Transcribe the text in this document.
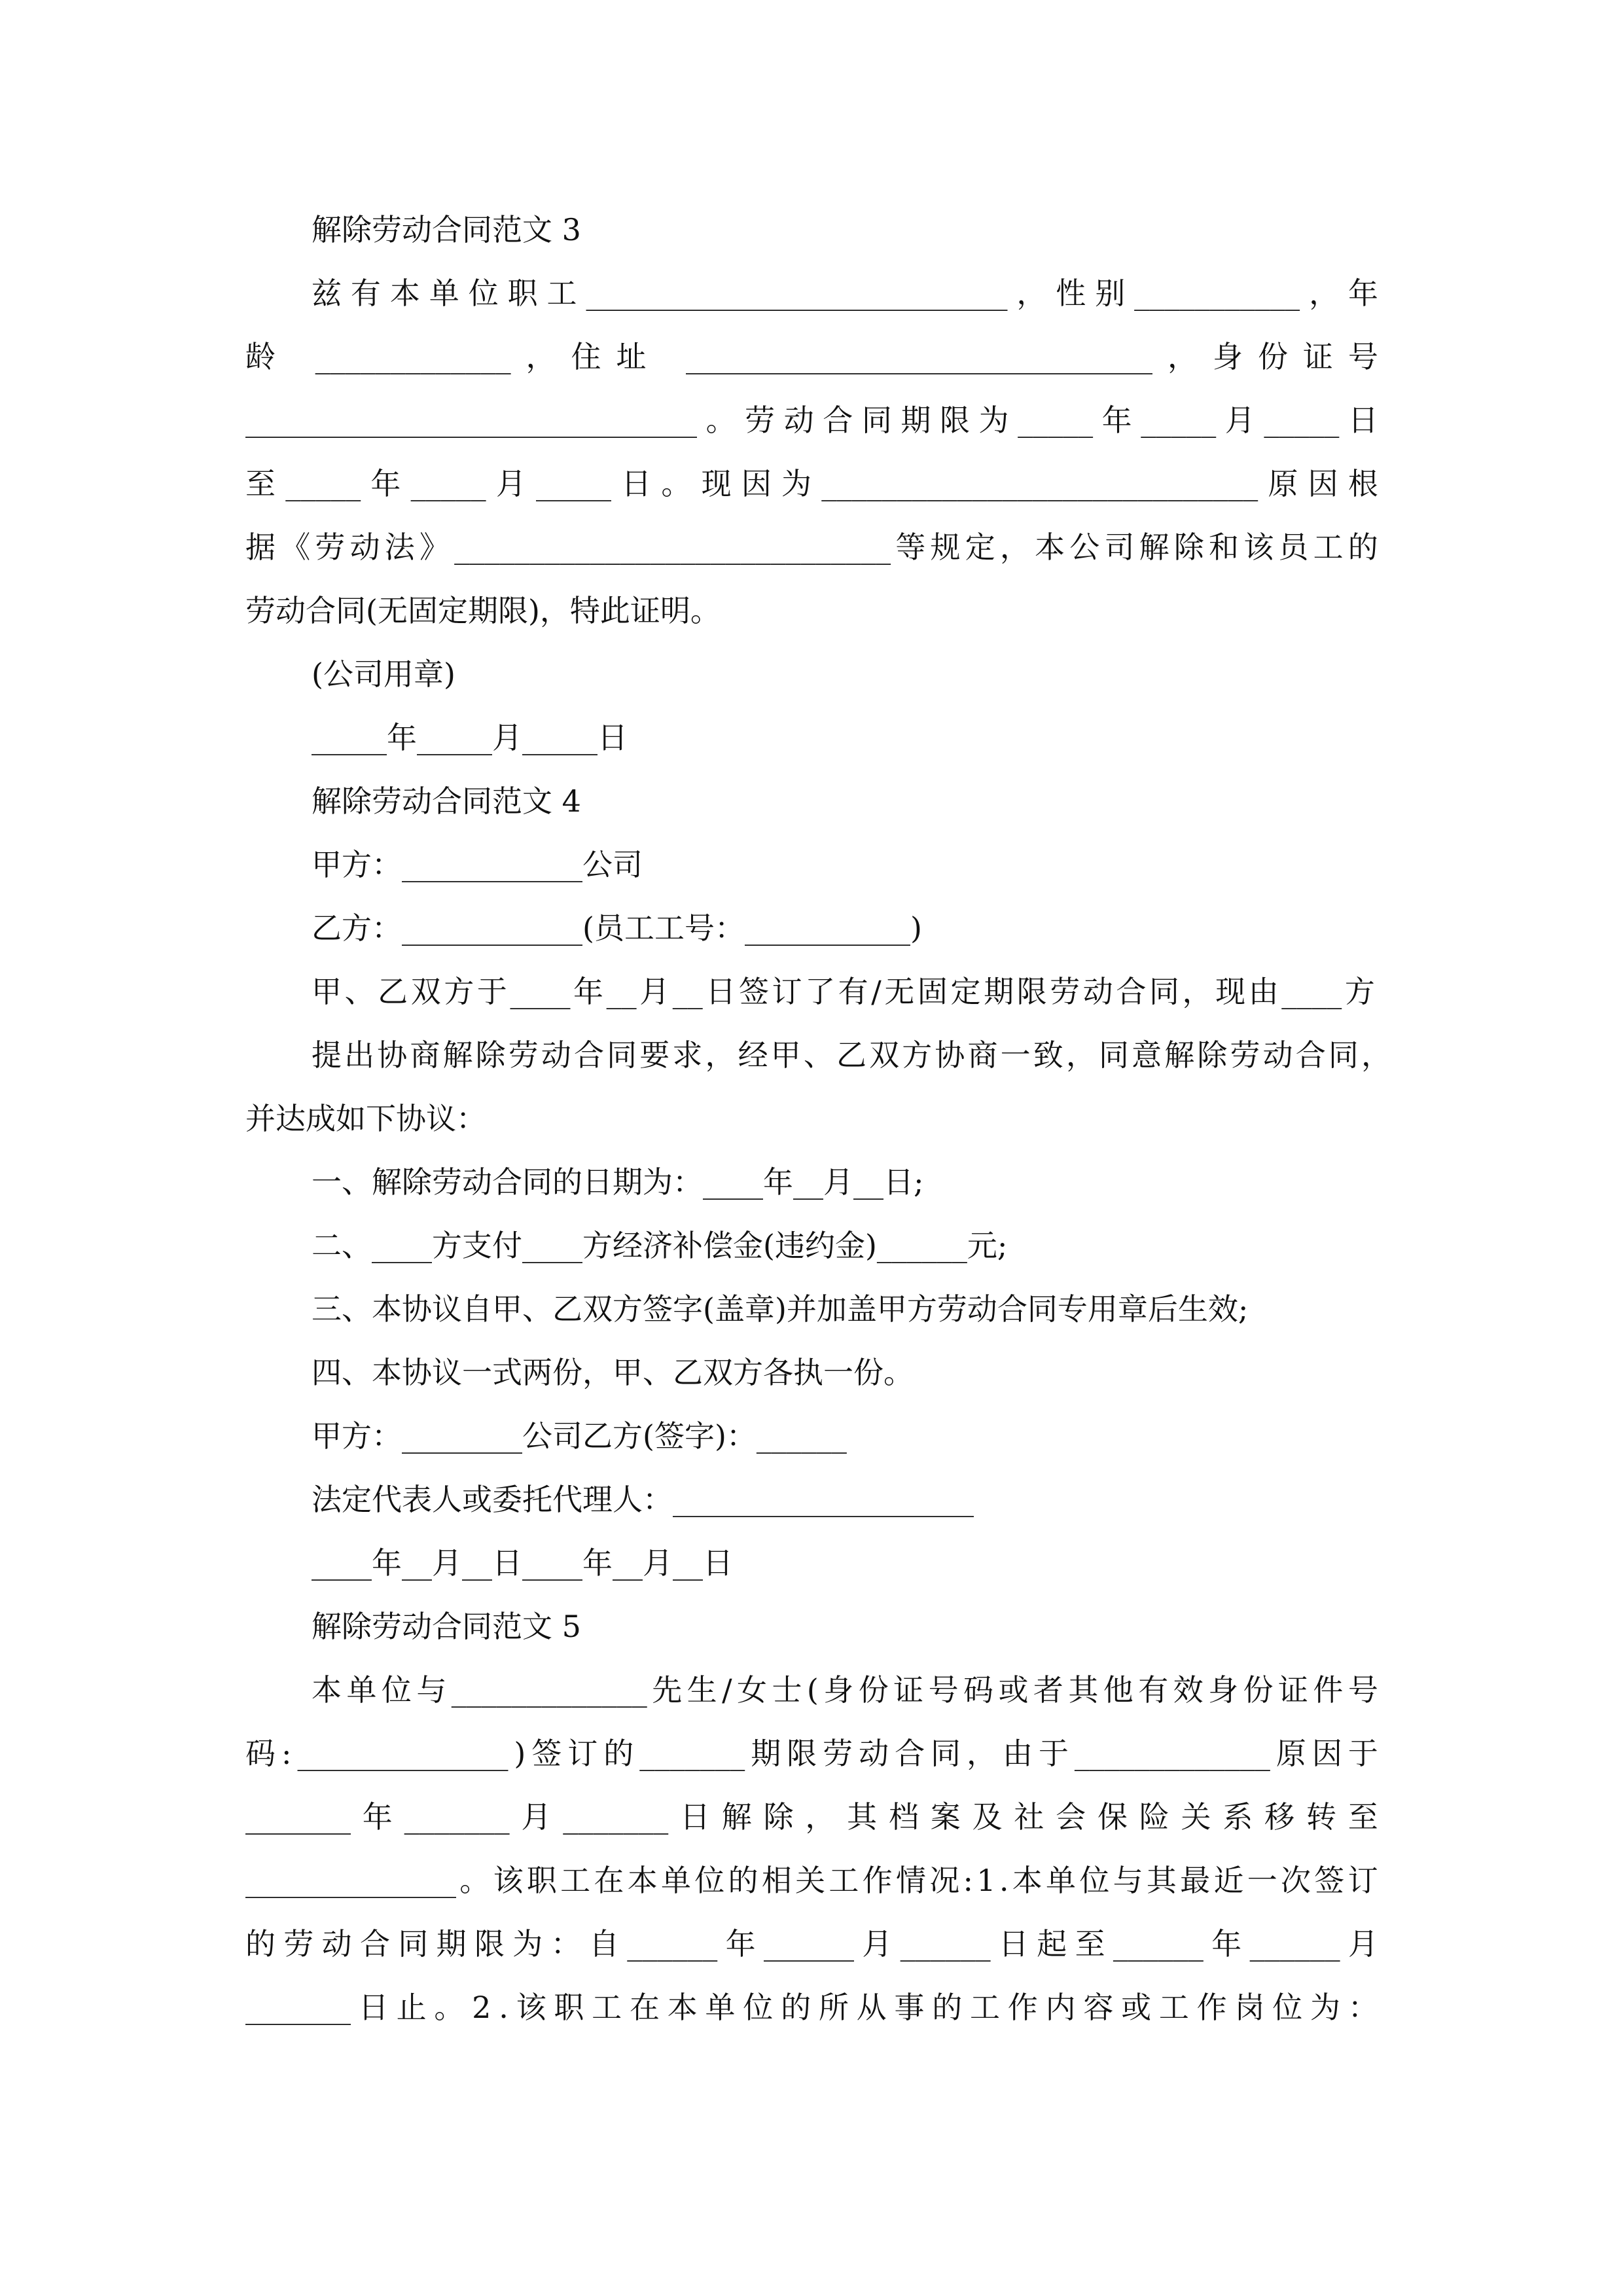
解除劳动合同范文 3
兹 有 本 单 位 职 工 ____________________________ ， 性 别 ___________ ， 年
龄
_____________ ， 住 址
_______________________________ ， 身 份 证 号
______________________________ 。 劳 动 合 同 期 限 为 _____ 年 _____ 月 _____ 日
至 _____ 年 _____ 月 _____ 日 。 现 因 为 _____________________________ 原 因 根
据 《 劳 动 法 》 _____________________________ 等 规 定 ， 本 公 司 解 除 和 该 员 工 的
劳动合同(无固定期限)，特此证明。
(公司用章)
_____年_____月_____日
解除劳动合同范文 4
甲方：____________公司
乙方：____________(员工工号：___________)
甲 、 乙 双 方 于 ____ 年 __ 月 __ 日 签 订 了 有 / 无 固 定 期 限 劳 动 合 同 ， 现 由 ____ 方
提 出 协 商 解 除 劳 动 合 同 要 求 ， 经 甲 、 乙 双 方 协 商 一 致 ， 同 意 解 除 劳 动 合 同 ，
并达成如下协议：
一、解除劳动合同的日期为：____年__月__日;
二、____方支付____方经济补偿金(违约金)______元;
三、本协议自甲、乙双方签字(盖章)并加盖甲方劳动合同专用章后生效;
四、本协议一式两份，甲、乙双方各执一份。
甲方：________公司乙方(签字)：______
法定代表人或委托代理人：____________________
____年__月__日____年__月__日
解除劳动合同范文 5
本 单 位 与 _____________ 先 生 / 女 士 ( 身 份 证 号 码 或 者 其 他 有 效 身 份 证 件 号
码 : ______________ ) 签 订 的 _______ 期 限 劳 动 合 同 ， 由 于 _____________ 原 因 于
_______ 年 _______ 月 _______ 日 解 除 ， 其 档 案 及 社 会 保 险 关 系 移 转 至
______________ 。 该 职 工 在 本 单 位 的 相 关 工 作 情 况 : 1 . 本 单 位 与 其 最 近 一 次 签 订
的 劳 动 合 同 期 限 为 ： 自 ______ 年 ______ 月 ______ 日 起 至 ______ 年 ______ 月
_______ 日 止 。 2 . 该 职 工 在 本 单 位 的 所 从 事 的 工 作 内 容 或 工 作 岗 位 为 ：
